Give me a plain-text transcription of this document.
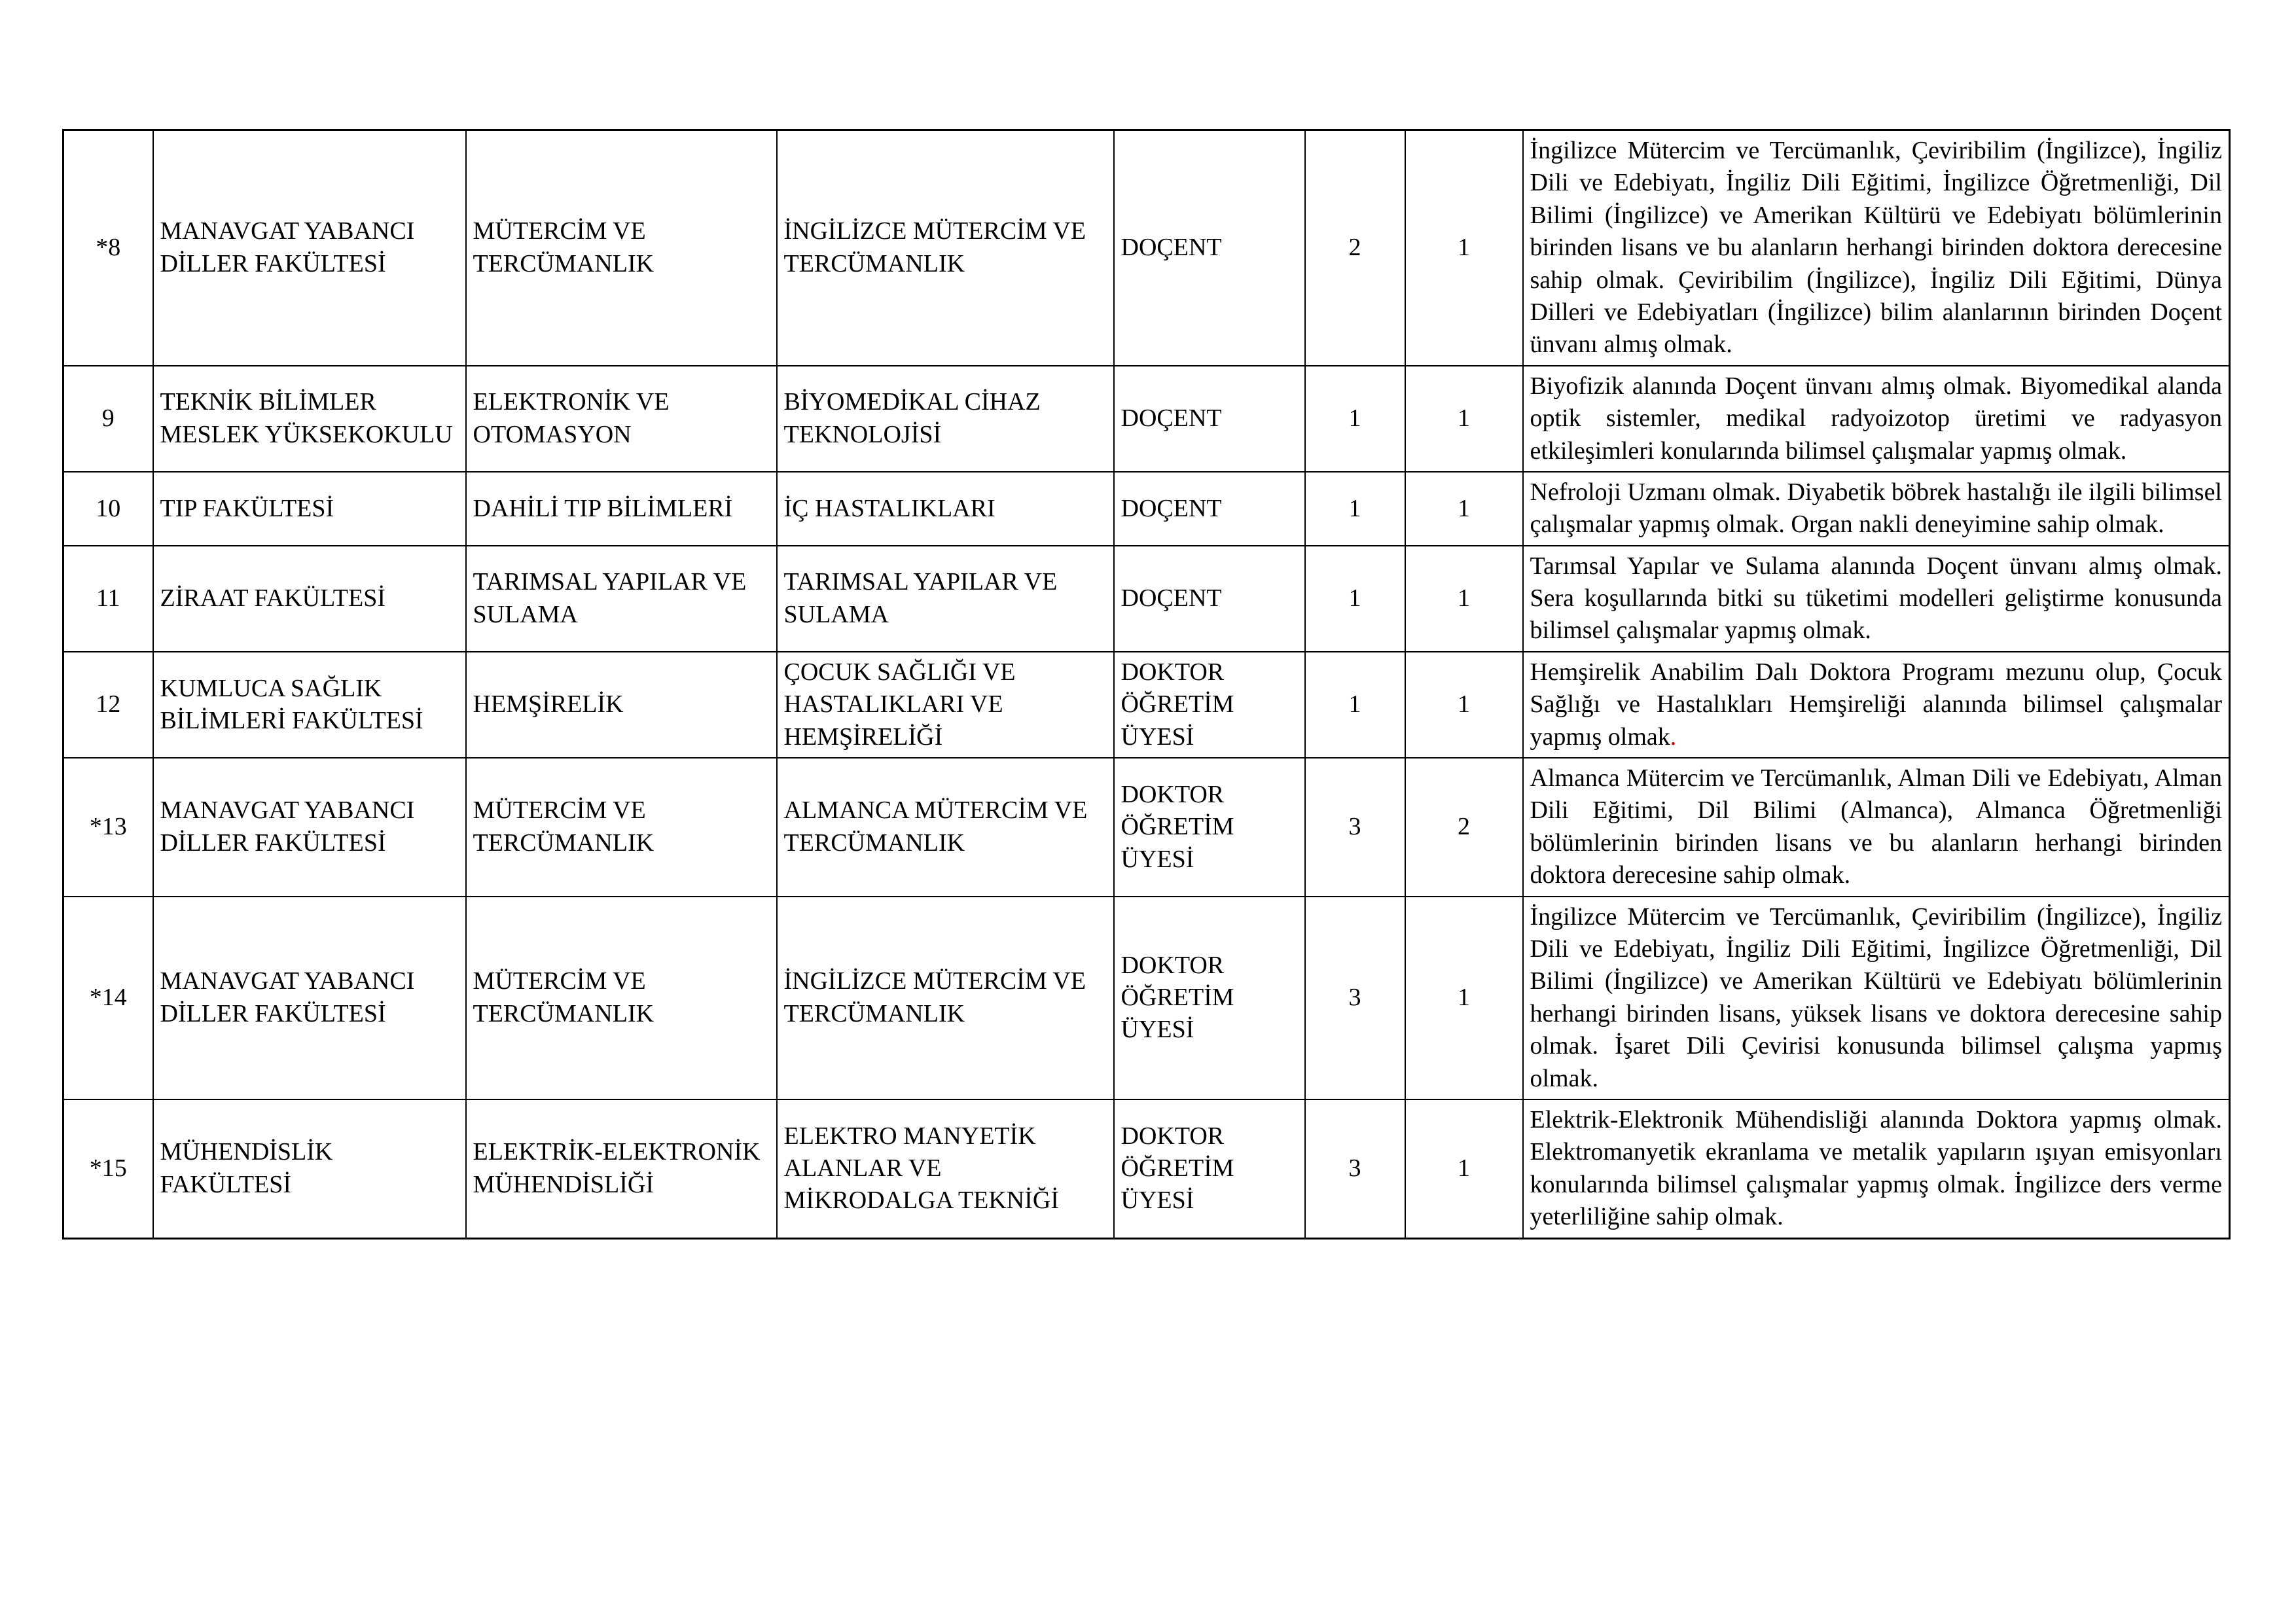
*8	MANAVGAT YABANCI DİLLER FAKÜLTESİ	MÜTERCİM VE TERCÜMANLIK	İNGİLİZCE MÜTERCİM VE TERCÜMANLIK	DOÇENT	2	1	İngilizce Mütercim ve Tercümanlık, Çeviribilim (İngilizce), İngiliz Dili ve Edebiyatı, İngiliz Dili Eğitimi, İngilizce Öğretmenliği, Dil Bilimi (İngilizce) ve Amerikan Kültürü ve Edebiyatı bölümlerinin birinden lisans ve bu alanların herhangi birinden doktora derecesine sahip olmak. Çeviribilim (İngilizce), İngiliz Dili Eğitimi, Dünya Dilleri ve Edebiyatları (İngilizce) bilim alanlarının birinden Doçent ünvanı almış olmak.
9	TEKNİK BİLİMLER MESLEK YÜKSEKOKULU	ELEKTRONİK VE OTOMASYON	BİYOMEDİKAL CİHAZ TEKNOLOJİSİ	DOÇENT	1	1	Biyofizik alanında Doçent ünvanı almış olmak. Biyomedikal alanda optik sistemler, medikal radyoizotop üretimi ve radyasyon etkileşimleri konularında bilimsel çalışmalar yapmış olmak.
10	TIP FAKÜLTESİ	DAHİLİ TIP BİLİMLERİ	İÇ HASTALIKLARI	DOÇENT	1	1	Nefroloji Uzmanı olmak. Diyabetik böbrek hastalığı ile ilgili bilimsel çalışmalar yapmış olmak. Organ nakli deneyimine sahip olmak.
11	ZİRAAT FAKÜLTESİ	TARIMSAL YAPILAR VE SULAMA	TARIMSAL YAPILAR VE SULAMA	DOÇENT	1	1	Tarımsal Yapılar ve Sulama alanında Doçent ünvanı almış olmak. Sera koşullarında bitki su tüketimi modelleri geliştirme konusunda bilimsel çalışmalar yapmış olmak.
12	KUMLUCA SAĞLIK BİLİMLERİ FAKÜLTESİ	HEMŞİRELİK	ÇOCUK SAĞLIĞI VE HASTALIKLARI VE HEMŞİRELİĞİ	DOKTOR ÖĞRETİM ÜYESİ	1	1	Hemşirelik Anabilim Dalı Doktora Programı mezunu olup, Çocuk Sağlığı ve Hastalıkları Hemşireliği alanında bilimsel çalışmalar yapmış olmak.
*13	MANAVGAT YABANCI DİLLER FAKÜLTESİ	MÜTERCİM VE TERCÜMANLIK	ALMANCA MÜTERCİM VE TERCÜMANLIK	DOKTOR ÖĞRETİM ÜYESİ	3	2	Almanca Mütercim ve Tercümanlık, Alman Dili ve Edebiyatı, Alman Dili Eğitimi, Dil Bilimi (Almanca), Almanca Öğretmenliği bölümlerinin birinden lisans ve bu alanların herhangi birinden doktora derecesine sahip olmak.
*14	MANAVGAT YABANCI DİLLER FAKÜLTESİ	MÜTERCİM VE TERCÜMANLIK	İNGİLİZCE MÜTERCİM VE TERCÜMANLIK	DOKTOR ÖĞRETİM ÜYESİ	3	1	İngilizce Mütercim ve Tercümanlık, Çeviribilim (İngilizce), İngiliz Dili ve Edebiyatı, İngiliz Dili Eğitimi, İngilizce Öğretmenliği, Dil Bilimi (İngilizce) ve Amerikan Kültürü ve Edebiyatı bölümlerinin herhangi birinden lisans, yüksek lisans ve doktora derecesine sahip olmak. İşaret Dili Çevirisi konusunda bilimsel çalışma yapmış olmak.
*15	MÜHENDİSLİK FAKÜLTESİ	ELEKTRİK-ELEKTRONİK MÜHENDİSLİĞİ	ELEKTRO MANYETİK ALANLAR VE MİKRODALGA TEKNİĞİ	DOKTOR ÖĞRETİM ÜYESİ	3	1	Elektrik-Elektronik Mühendisliği alanında Doktora yapmış olmak. Elektromanyetik ekranlama ve metalik yapıların ışıyan emisyonları konularında bilimsel çalışmalar yapmış olmak. İngilizce ders verme yeterliliğine sahip olmak.
